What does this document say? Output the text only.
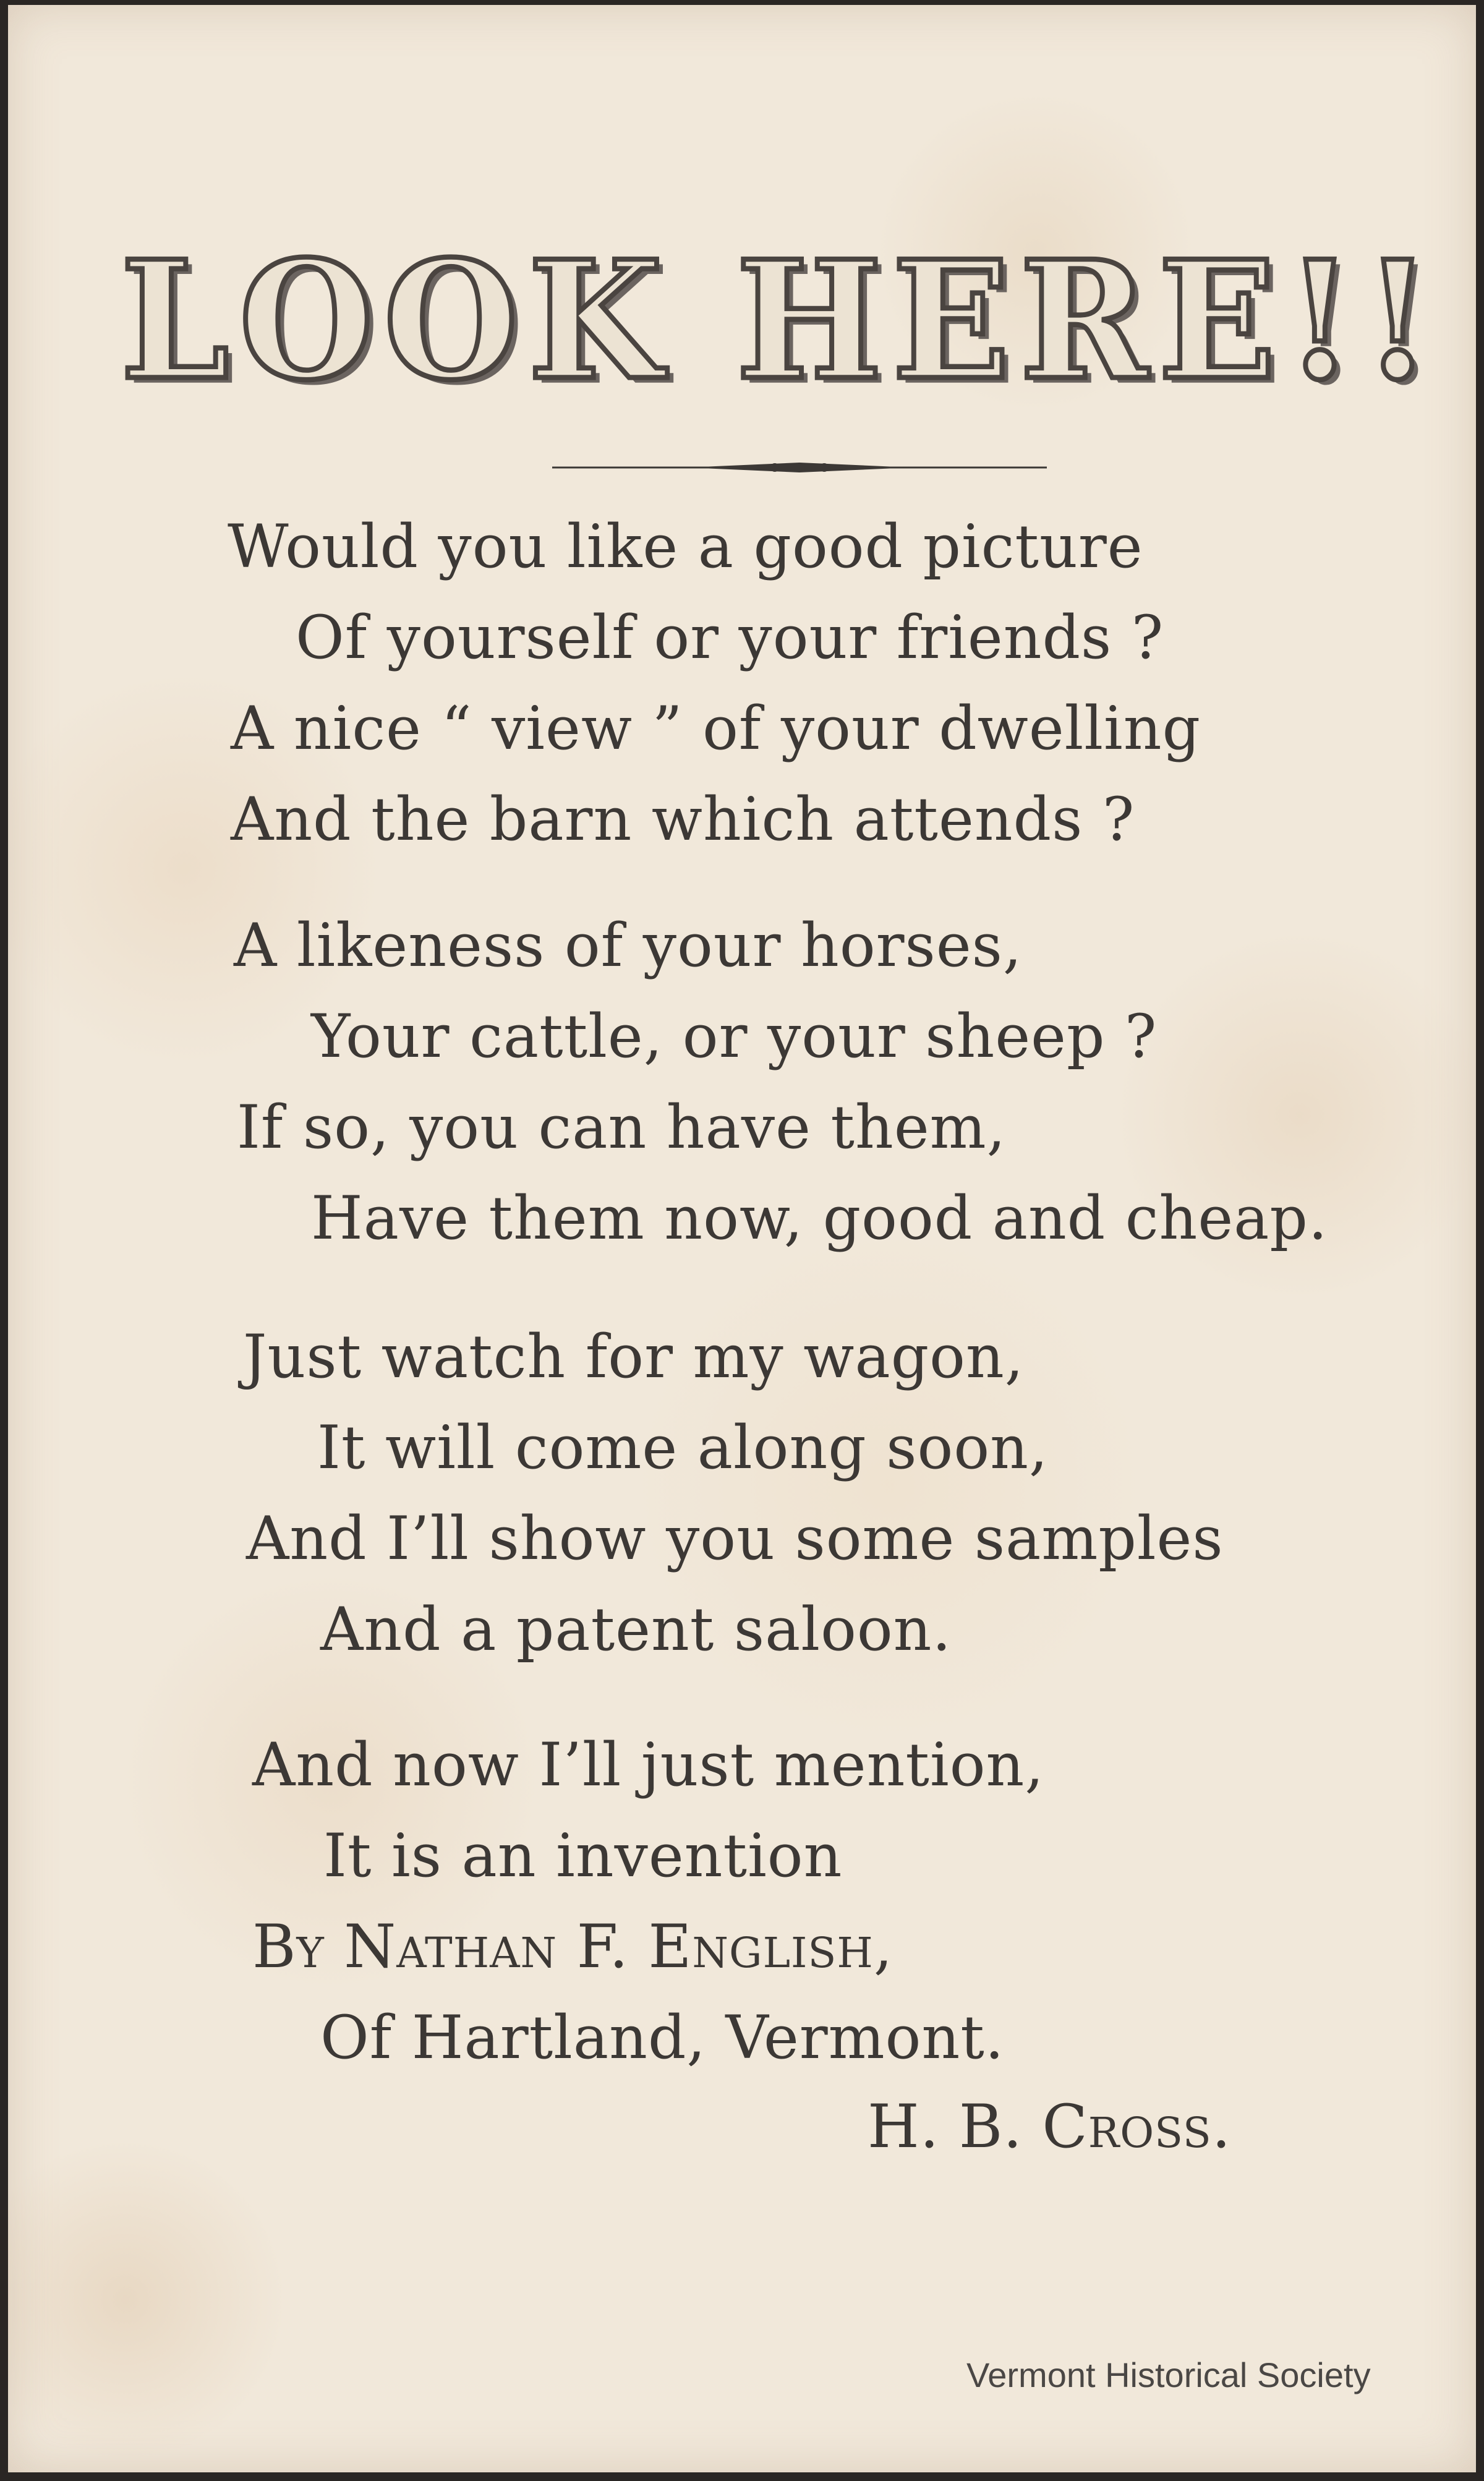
LOOK HERE!!
Would you like a good picture
Of yourself or your friends ?
A nice “ view ” of your dwelling
And the barn which attends ?
A likeness of your horses,
Your cattle, or your sheep ?
If so, you can have them,
Have them now, good and cheap.
Just watch for my wagon,
It will come along soon,
And I’ll show you some samples
And a patent saloon.
And now I’ll just mention,
It is an invention
By Nathan F. English,
Of Hartland, Vermont.
H. B. Cross.
Vermont Historical Society
